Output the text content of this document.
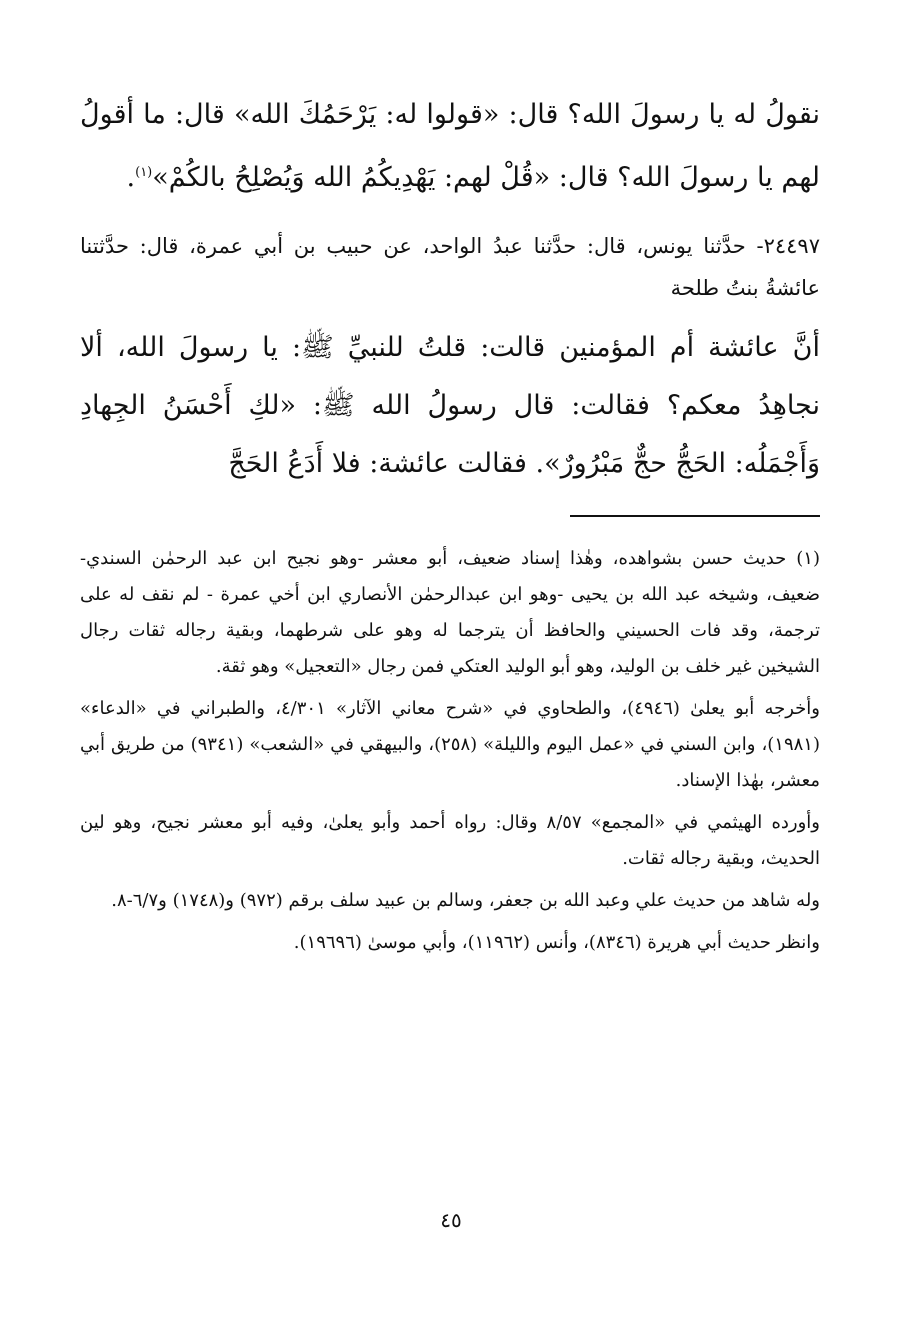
نقولُ له يا رسولَ الله؟ قال: «قولوا له: يَرْحَمُكَ الله» قال: ما أقولُ لهم يا رسولَ الله؟ قال: «قُلْ لهم: يَهْدِيكُمُ الله وَيُصْلِحُ بالكُمْ»$^{(١)}$.

٢٤٤٩٧- حدَّثنا يونس، قال: حدَّثنا عبدُ الواحد، عن حبيب بن أبي عمرة، قال: حدَّثتنا عائشةُ بنتُ طلحة

أنَّ عائشة أم المؤمنين قالت: قلتُ للنبيِّ ﷺ: يا رسولَ الله، ألا نجاهِدُ معكم؟ فقالت: قال رسولُ الله ﷺ: «لكِ أَحْسَنُ الجِهادِ وَأَجْمَلُه: الحَجُّ حجٌّ مَبْرُورٌ». فقالت عائشة: فلا أَدَعُ الحَجَّ

(١) حديث حسن بشواهده، وهٰذا إسناد ضعيف، أبو معشر -وهو نجيح ابن عبد الرحمٰن السندي- ضعيف، وشيخه عبد الله بن يحيى -وهو ابن عبدالرحمٰن الأنصاري ابن أخي عمرة - لم نقف له على ترجمة، وقد فات الحسيني والحافظ أن يترجما له وهو على شرطهما، وبقية رجاله ثقات رجال الشيخين غير خلف بن الوليد، وهو أبو الوليد العتكي فمن رجال «التعجيل» وهو ثقة.

وأخرجه أبو يعلىٰ (٤٩٤٦)، والطحاوي في «شرح معاني الآثار» ٤/٣٠١، والطبراني في «الدعاء» (١٩٨١)، وابن السني في «عمل اليوم والليلة» (٢٥٨)، والبيهقي في «الشعب» (٩٣٤١) من طريق أبي معشر، بهٰذا الإسناد.

وأورده الهيثمي في «المجمع» ٨/٥٧ وقال: رواه أحمد وأبو يعلىٰ، وفيه أبو معشر نجيح، وهو لين الحديث، وبقية رجاله ثقات.

وله شاهد من حديث علي وعبد الله بن جعفر، وسالم بن عبيد سلف برقم (٩٧٢) و(١٧٤٨) و٦/٧-٨.

وانظر حديث أبي هريرة (٨٣٤٦)، وأنس (١١٩٦٢)، وأبي موسىٰ (١٩٦٩٦).

٤٥
